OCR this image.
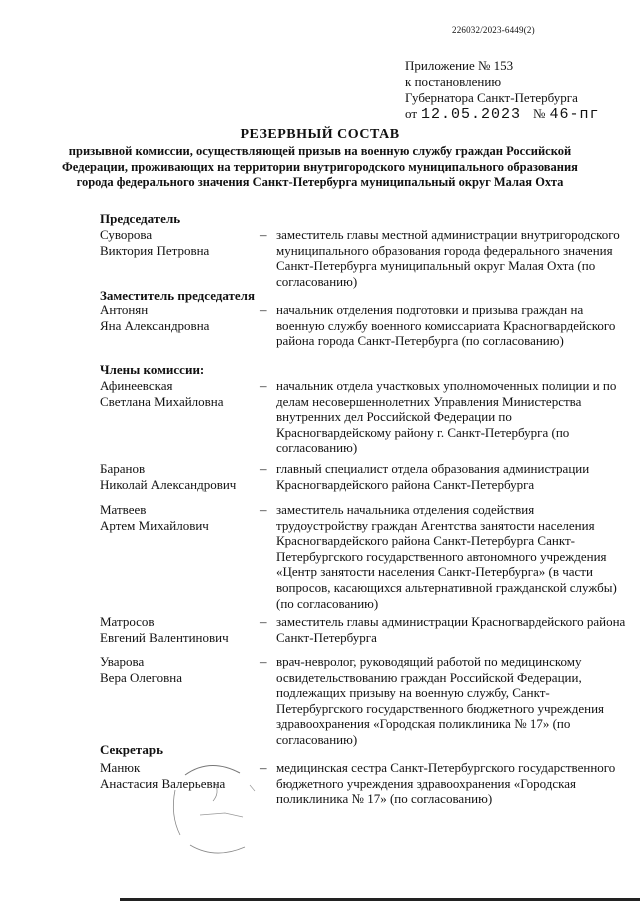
226032/2023-6449(2)
Приложение № 153
к постановлению
Губернатора Санкт-Петербурга
от 12.05.2023 № 46-пг
РЕЗЕРВНЫЙ СОСТАВ
призывной комиссии, осуществляющей призыв на военную службу граждан Российской Федерации, проживающих на территории внутригородского муниципального образования города федерального значения Санкт-Петербурга муниципальный округ Малая Охта
Председатель
Суворова
Виктория Петровна
– заместитель главы местной администрации внутригородского муниципального образования города федерального значения Санкт-Петербурга муниципальный округ Малая Охта (по согласованию)
Заместитель председателя
Антонян
Яна Александровна
– начальник отделения подготовки и призыва граждан на военную службу военного комиссариата Красногвардейского района города Санкт-Петербурга (по согласованию)
Члены комиссии:
Афинеевская
Светлана Михайловна
– начальник отдела участковых уполномоченных полиции и по делам несовершеннолетних Управления Министерства внутренних дел Российской Федерации по Красногвардейскому району г. Санкт-Петербурга (по согласованию)
Баранов
Николай Александрович
– главный специалист отдела образования администрации Красногвардейского района Санкт-Петербурга
Матвеев
Артем Михайлович
– заместитель начальника отделения содействия трудоустройству граждан Агентства занятости населения Красногвардейского района Санкт-Петербурга Санкт-Петербургского государственного автономного учреждения «Центр занятости населения Санкт-Петербурга» (в части вопросов, касающихся альтернативной гражданской службы) (по согласованию)
Матросов
Евгений Валентинович
– заместитель главы администрации Красногвардейского района Санкт-Петербурга
Уварова
Вера Олеговна
– врач-невролог, руководящий работой по медицинскому освидетельствованию граждан Российской Федерации, подлежащих призыву на военную службу, Санкт-Петербургского государственного бюджетного учреждения здравоохранения «Городская поликлиника № 17» (по согласованию)
Секретарь
Манюк
Анастасия Валерьевна
– медицинская сестра Санкт-Петербургского государственного бюджетного учреждения здравоохранения «Городская поликлиника № 17» (по согласованию)
